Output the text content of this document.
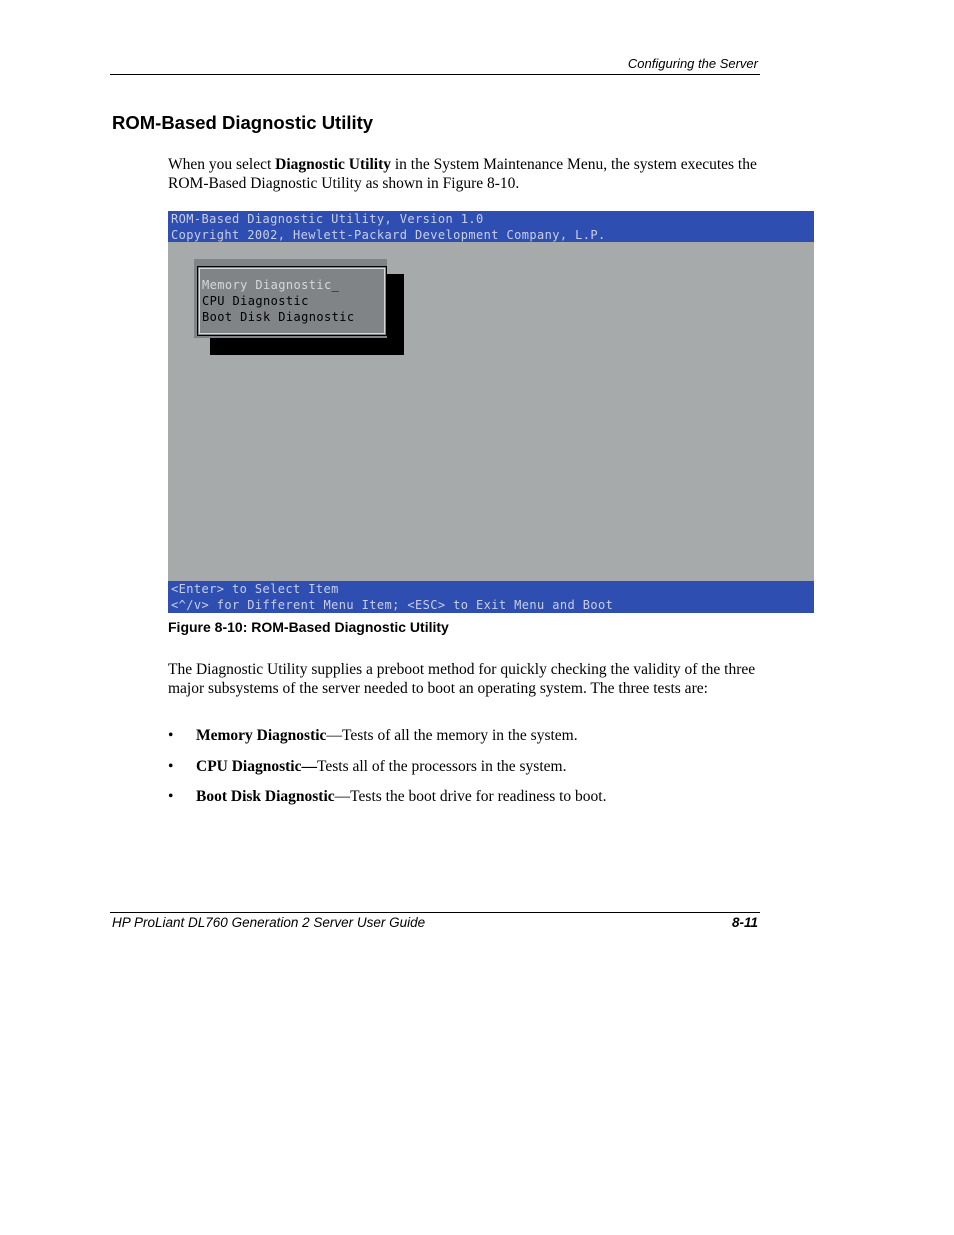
Configuring the Server
ROM-Based Diagnostic Utility

When you select Diagnostic Utility in the System Maintenance Menu, the system executes the ROM-Based Diagnostic Utility as shown in Figure 8-10.

ROM-Based Diagnostic Utility, Version 1.0
Copyright 2002, Hewlett-Packard Development Company, L.P.
Memory Diagnostic_
CPU Diagnostic
Boot Disk Diagnostic
<Enter> to Select Item
<^/v> for Different Menu Item; <ESC> to Exit Menu and Boot
Figure 8-10: ROM-Based Diagnostic Utility

The Diagnostic Utility supplies a preboot method for quickly checking the validity of the three major subsystems of the server needed to boot an operating system. The three tests are:

• Memory Diagnostic—Tests of all the memory in the system.
• CPU Diagnostic—Tests all of the processors in the system.
• Boot Disk Diagnostic—Tests the boot drive for readiness to boot.
HP ProLiant DL760 Generation 2 Server User Guide	8-11
